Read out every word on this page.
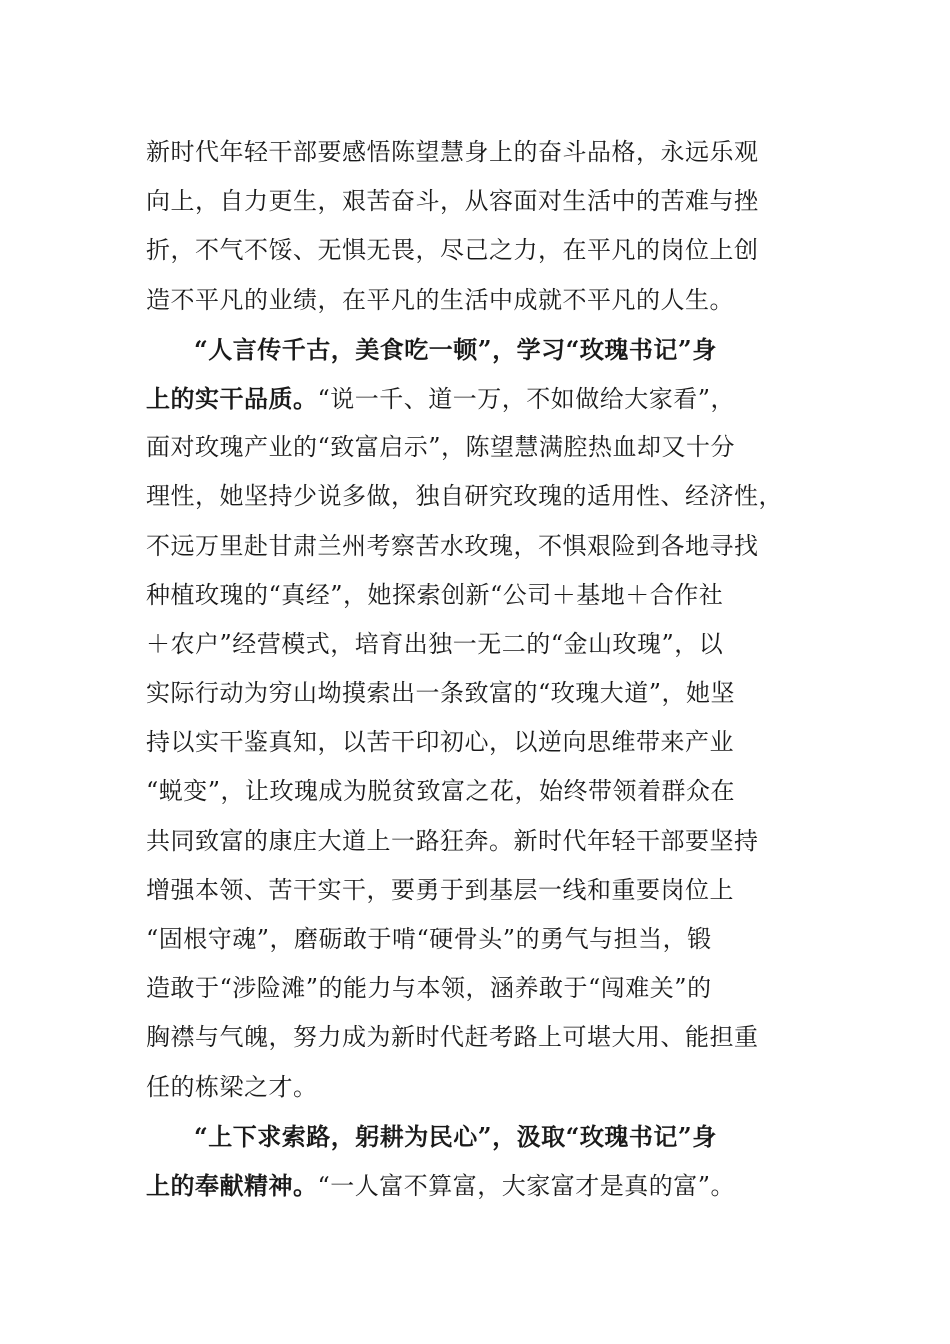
新时代年轻干部要感悟陈望慧身上的奋斗品格，永远乐观
向上，自力更生，艰苦奋斗，从容面对生活中的苦难与挫
折，不气不馁、无惧无畏，尽己之力，在平凡的岗位上创
造不平凡的业绩，在平凡的生活中成就不平凡的人生。
“人言传千古，美食吃一顿”，学习“玫瑰书记”身
上的实干品质。“说一千、道一万，不如做给大家看”，
面对玫瑰产业的“致富启示”，陈望慧满腔热血却又十分
理性，她坚持少说多做，独自研究玫瑰的适用性、经济性，
不远万里赴甘肃兰州考察苦水玫瑰，不惧艰险到各地寻找
种植玫瑰的“真经”，她探索创新“公司＋基地＋合作社
＋农户”经营模式，培育出独一无二的“金山玫瑰”，以
实际行动为穷山坳摸索出一条致富的“玫瑰大道”，她坚
持以实干鉴真知，以苦干印初心，以逆向思维带来产业
“蜕变”，让玫瑰成为脱贫致富之花，始终带领着群众在
共同致富的康庄大道上一路狂奔。新时代年轻干部要坚持
增强本领、苦干实干，要勇于到基层一线和重要岗位上
“固根守魂”，磨砺敢于啃“硬骨头”的勇气与担当，锻
造敢于“涉险滩”的能力与本领，涵养敢于“闯难关”的
胸襟与气魄，努力成为新时代赶考路上可堪大用、能担重
任的栋梁之才。
“上下求索路，躬耕为民心”，汲取“玫瑰书记”身
上的奉献精神。“一人富不算富，大家富才是真的富”。
